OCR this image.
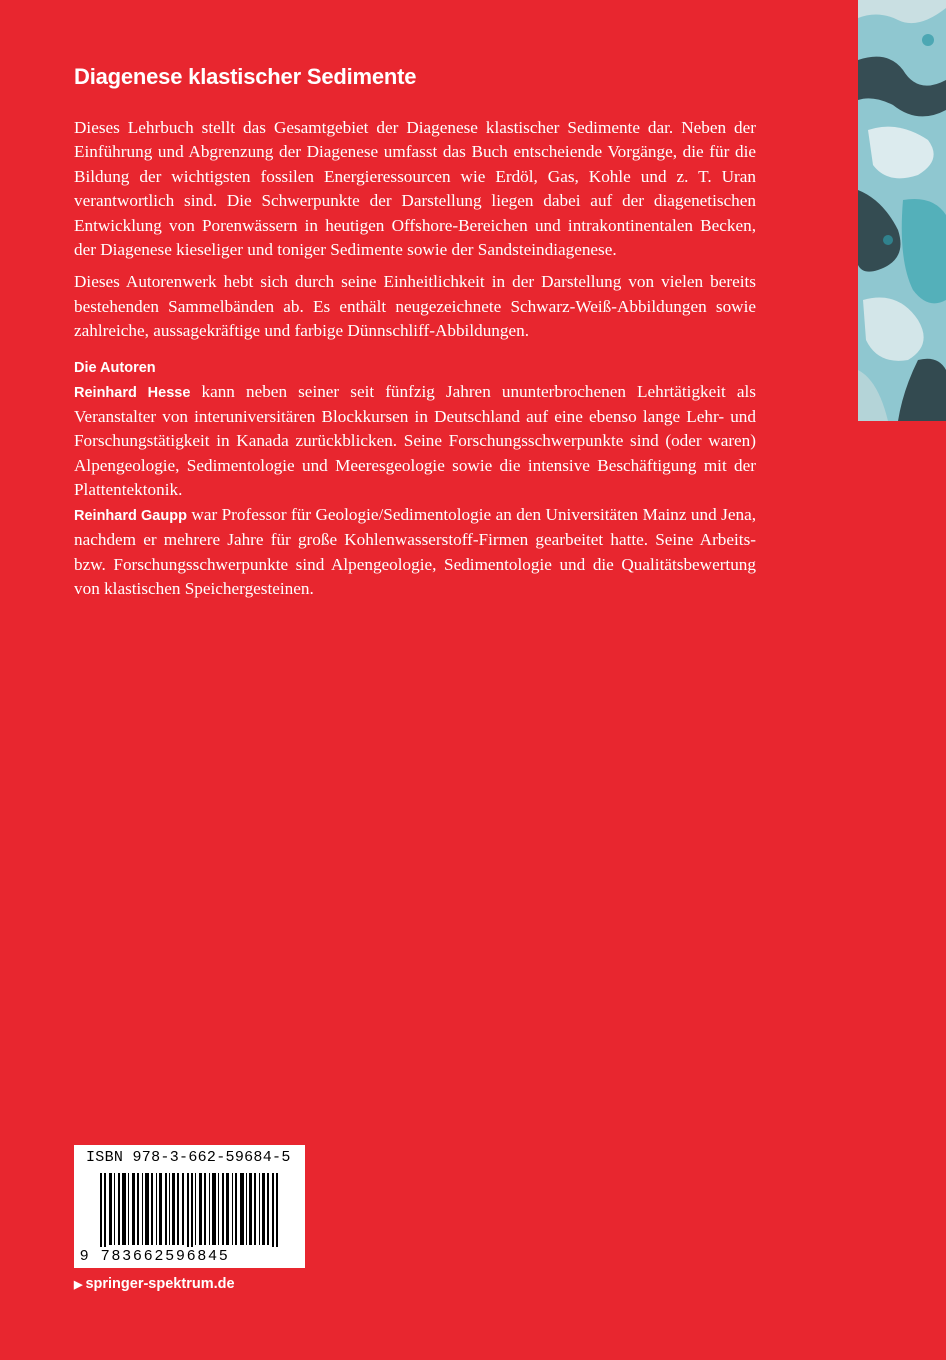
Diagenese klastischer Sedimente

Dieses Lehrbuch stellt das Gesamtgebiet der Diagenese klastischer Sedimente dar. Neben der Einführung und Abgrenzung der Diagenese umfasst das Buch entscheiende Vorgänge, die für die Bildung der wichtigsten fossilen Energieressourcen wie Erdöl, Gas, Kohle und z. T. Uran verantwortlich sind. Die Schwerpunkte der Darstellung liegen dabei auf der diagenetischen Entwicklung von Porenwässern in heutigen Offshore-Bereichen und intrakontinentalen Becken, der Diagenese kieseliger und toniger Sedimente sowie der Sandsteindiagenese.

Dieses Autorenwerk hebt sich durch seine Einheitlichkeit in der Darstellung von vielen bereits bestehenden Sammelbänden ab. Es enthält neugezeichnete Schwarz-Weiß-Abbildungen sowie zahlreiche, aussagekräftige und farbige Dünnschliff-Abbildungen.

Die Autoren

Reinhard Hesse kann neben seiner seit fünfzig Jahren ununterbrochenen Lehrtätigkeit als Veranstalter von interuniversitären Blockkursen in Deutschland auf eine ebenso lange Lehr- und Forschungstätigkeit in Kanada zurückblicken. Seine Forschungsschwerpunkte sind (oder waren) Alpengeologie, Sedimentologie und Meeresgeologie sowie die intensive Beschäftigung mit der Plattentektonik.

Reinhard Gaupp war Professor für Geologie/Sedimentologie an den Universitäten Mainz und Jena, nachdem er mehrere Jahre für große Kohlenwasserstoff-Firmen gearbeitet hatte. Seine Arbeits- bzw. Forschungsschwerpunkte sind Alpengeologie, Sedimentologie und die Qualitätsbewertung von klastischen Speichergesteinen.

ISBN 978-3-662-59684-5
9 783662596845
▶ springer-spektrum.de
